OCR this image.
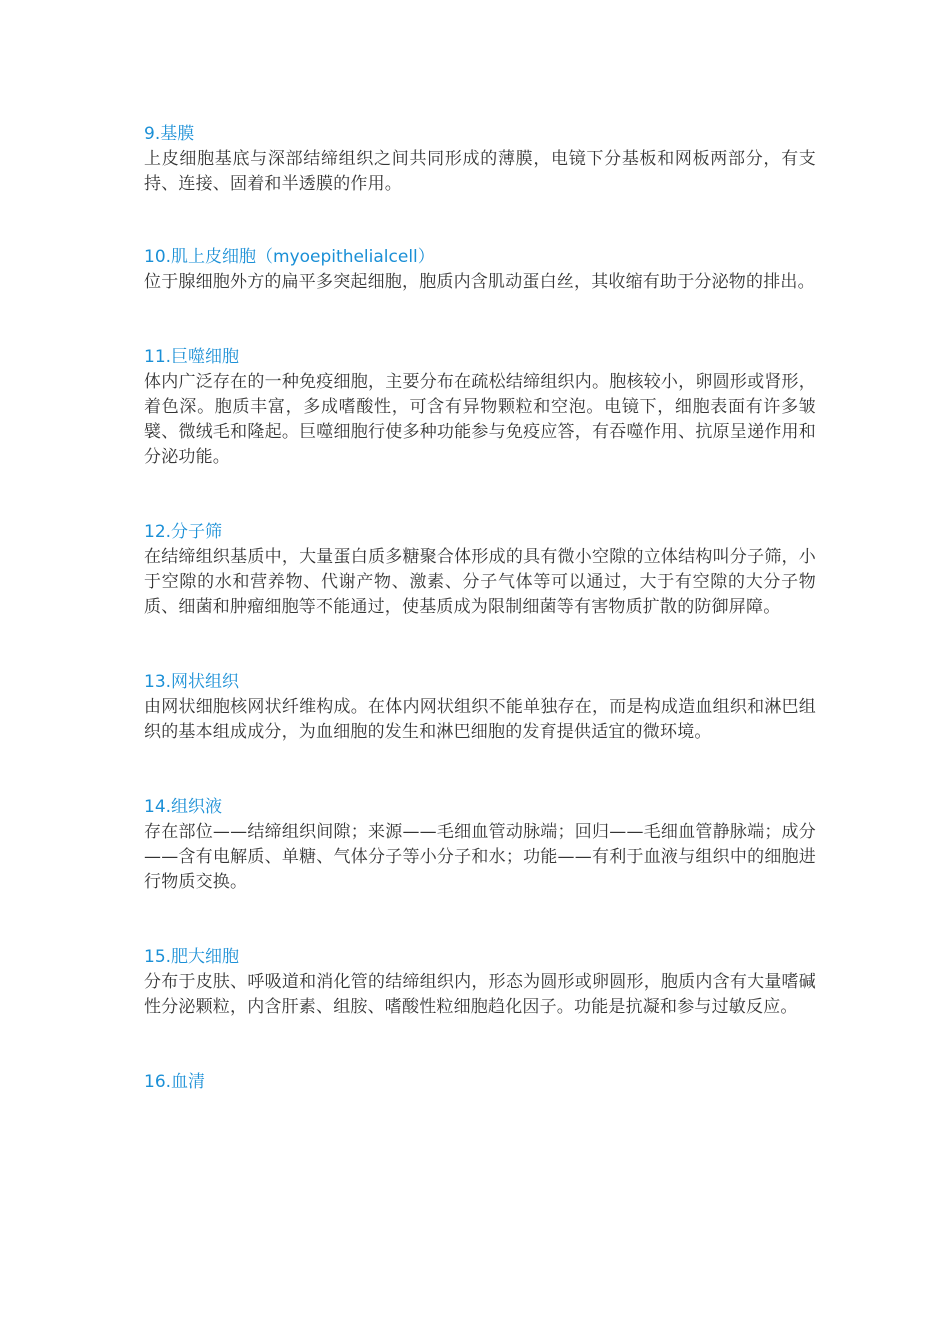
9.基膜

上皮细胞基底与深部结缔组织之间共同形成的薄膜，电镜下分基板和网板两部分，有支持、连接、固着和半透膜的作用。

10.肌上皮细胞（myoepithelialcell）

位于腺细胞外方的扁平多突起细胞，胞质内含肌动蛋白丝，其收缩有助于分泌物的排出。

11.巨噬细胞

体内广泛存在的一种免疫细胞，主要分布在疏松结缔组织内。胞核较小，卵圆形或肾形，着色深。胞质丰富，多成嗜酸性，可含有异物颗粒和空泡。电镜下，细胞表面有许多皱襞、微绒毛和隆起。巨噬细胞行使多种功能参与免疫应答，有吞噬作用、抗原呈递作用和分泌功能。

12.分子筛

在结缔组织基质中，大量蛋白质多糖聚合体形成的具有微小空隙的立体结构叫分子筛，小于空隙的水和营养物、代谢产物、激素、分子气体等可以通过，大于有空隙的大分子物质、细菌和肿瘤细胞等不能通过，使基质成为限制细菌等有害物质扩散的防御屏障。

13.网状组织

由网状细胞核网状纤维构成。在体内网状组织不能单独存在，而是构成造血组织和淋巴组织的基本组成成分，为血细胞的发生和淋巴细胞的发育提供适宜的微环境。

14.组织液

存在部位——结缔组织间隙；来源——毛细血管动脉端；回归——毛细血管静脉端；成分——含有电解质、单糖、气体分子等小分子和水；功能——有利于血液与组织中的细胞进行物质交换。

15.肥大细胞

分布于皮肤、呼吸道和消化管的结缔组织内，形态为圆形或卵圆形，胞质内含有大量嗜碱性分泌颗粒，内含肝素、组胺、嗜酸性粒细胞趋化因子。功能是抗凝和参与过敏反应。

16.血清
